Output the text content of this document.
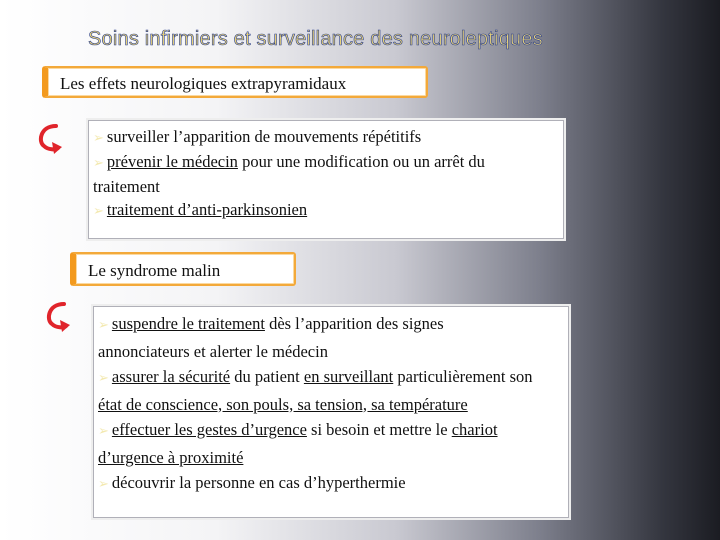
Soins infirmiers et surveillance des neuroleptiques
Les effets neurologiques extrapyramidaux

➢ surveiller l’apparition de mouvements répétitifs

➢ prévenir le médecin pour une modification ou un arrêt du traitement

➢ traitement d’anti-parkinsonien

Le syndrome malin

➢ suspendre le traitement dès l’apparition des signes annonciateurs et alerter le médecin

➢ assurer la sécurité du patient en surveillant particulièrement son état de conscience, son pouls, sa tension, sa température

➢ effectuer les gestes d’urgence si besoin et mettre le chariot d’urgence à proximité

➢ découvrir la personne en cas d’hyperthermie
